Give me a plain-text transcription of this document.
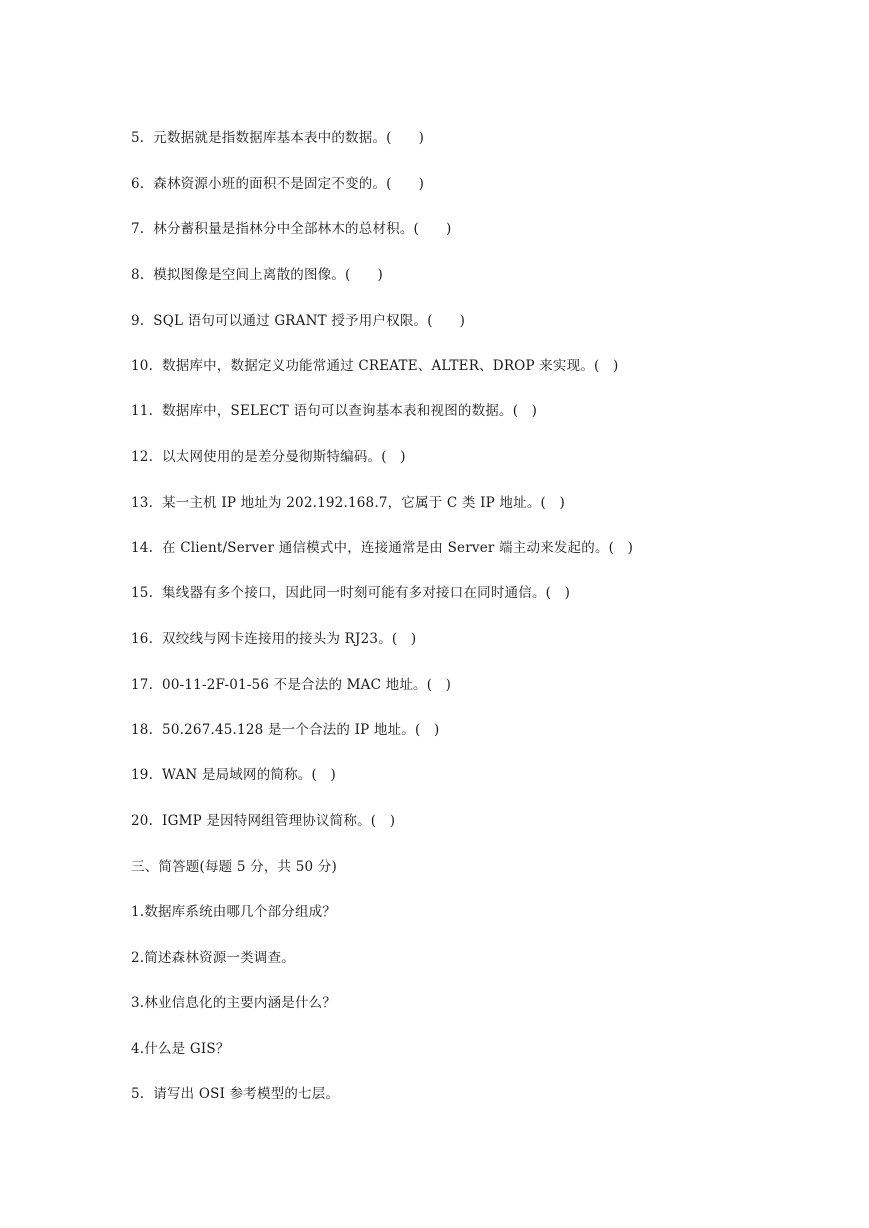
5.  元数据就是指数据库基本表中的数据。(      )
6.  森林资源小班的面积不是固定不变的。(      )
7.  林分蓄积量是指林分中全部林木的总材积。(      )
8.  模拟图像是空间上离散的图像。(      )
9.  SQL 语句可以通过 GRANT 授予用户权限。(      )
10.  数据库中，数据定义功能常通过 CREATE、ALTER、DROP 来实现。(   )
11.  数据库中，SELECT 语句可以查询基本表和视图的数据。(   )
12.  以太网使用的是差分曼彻斯特编码。(   )
13.  某一主机 IP 地址为 202.192.168.7，它属于 C 类 IP 地址。(   )
14.  在 Client/Server 通信模式中，连接通常是由 Server 端主动来发起的。(   )
15.  集线器有多个接口，因此同一时刻可能有多对接口在同时通信。(   )
16.  双绞线与网卡连接用的接头为 RJ23。(   )
17.  00-11-2F-01-56 不是合法的 MAC 地址。(   )
18.  50.267.45.128 是一个合法的 IP 地址。(   )
19.  WAN 是局域网的简称。(   )
20.  IGMP 是因特网组管理协议简称。(   )
三、简答题(每题 5 分，共 50 分)
1.数据库系统由哪几个部分组成？
2.简述森林资源一类调查。
3.林业信息化的主要内涵是什么？
4.什么是 GIS？
5.  请写出 OSI 参考模型的七层。
